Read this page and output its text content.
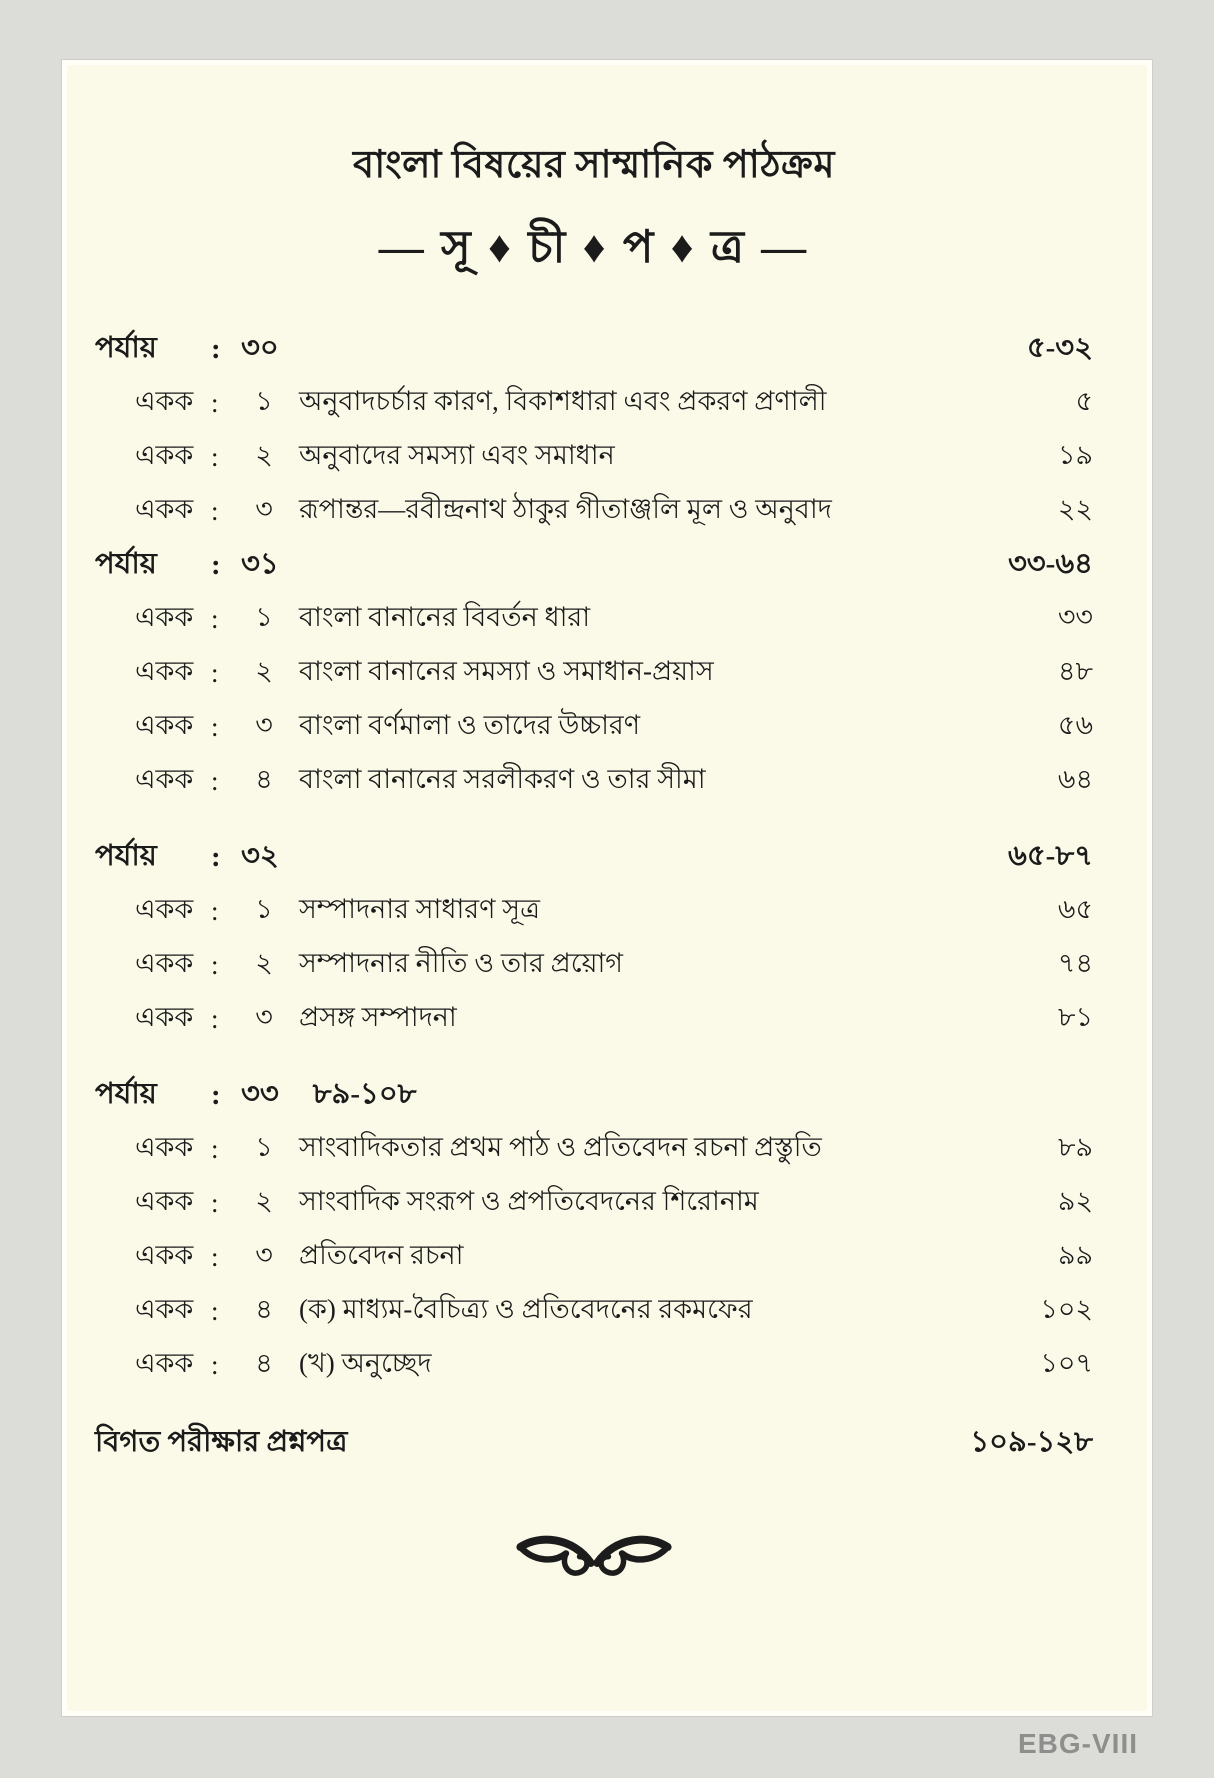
বাংলা বিষয়ের সাম্মানিক পাঠক্রম
— সূ ♦ চী ♦ প ♦ ত্র —
পর্যায়	: ৩০	৫-৩২
একক :	১ অনুবাদচর্চার কারণ, বিকাশধারা এবং প্রকরণ প্রণালী	৫
একক :	২ অনুবাদের সমস্যা এবং সমাধান	১৯
একক :	৩ রূপান্তর—রবীন্দ্রনাথ ঠাকুর গীতাঞ্জলি মূল ও অনুবাদ	২২
পর্যায়	: ৩১	৩৩-৬৪
একক :	১ বাংলা বানানের বিবর্তন ধারা	৩৩
একক :	২ বাংলা বানানের সমস্যা ও সমাধান-প্রয়াস	৪৮
একক :	৩ বাংলা বর্ণমালা ও তাদের উচ্চারণ	৫৬
একক :	৪ বাংলা বানানের সরলীকরণ ও তার সীমা	৬৪
পর্যায়	: ৩২	৬৫-৮৭
একক :	১ সম্পাদনার সাধারণ সূত্র	৬৫
একক :	২ সম্পাদনার নীতি ও তার প্রয়োগ	৭৪
একক :	৩ প্রসঙ্গ সম্পাদনা	৮১
পর্যায়	: ৩৩ ৮৯-১০৮
একক :	১ সাংবাদিকতার প্রথম পাঠ ও প্রতিবেদন রচনা প্রস্তুতি	৮৯
একক :	২ সাংবাদিক সংরূপ ও প্রপতিবেদনের শিরোনাম	৯২
একক :	৩ প্রতিবেদন রচনা	৯৯
একক :	৪ (ক) মাধ্যম-বৈচিত্র্য ও প্রতিবেদনের রকমফের	১০২
একক :	৪ (খ) অনুচ্ছেদ	১০৭
বিগত পরীক্ষার প্রশ্নপত্র	১০৯-১২৮
EBG-VIII
